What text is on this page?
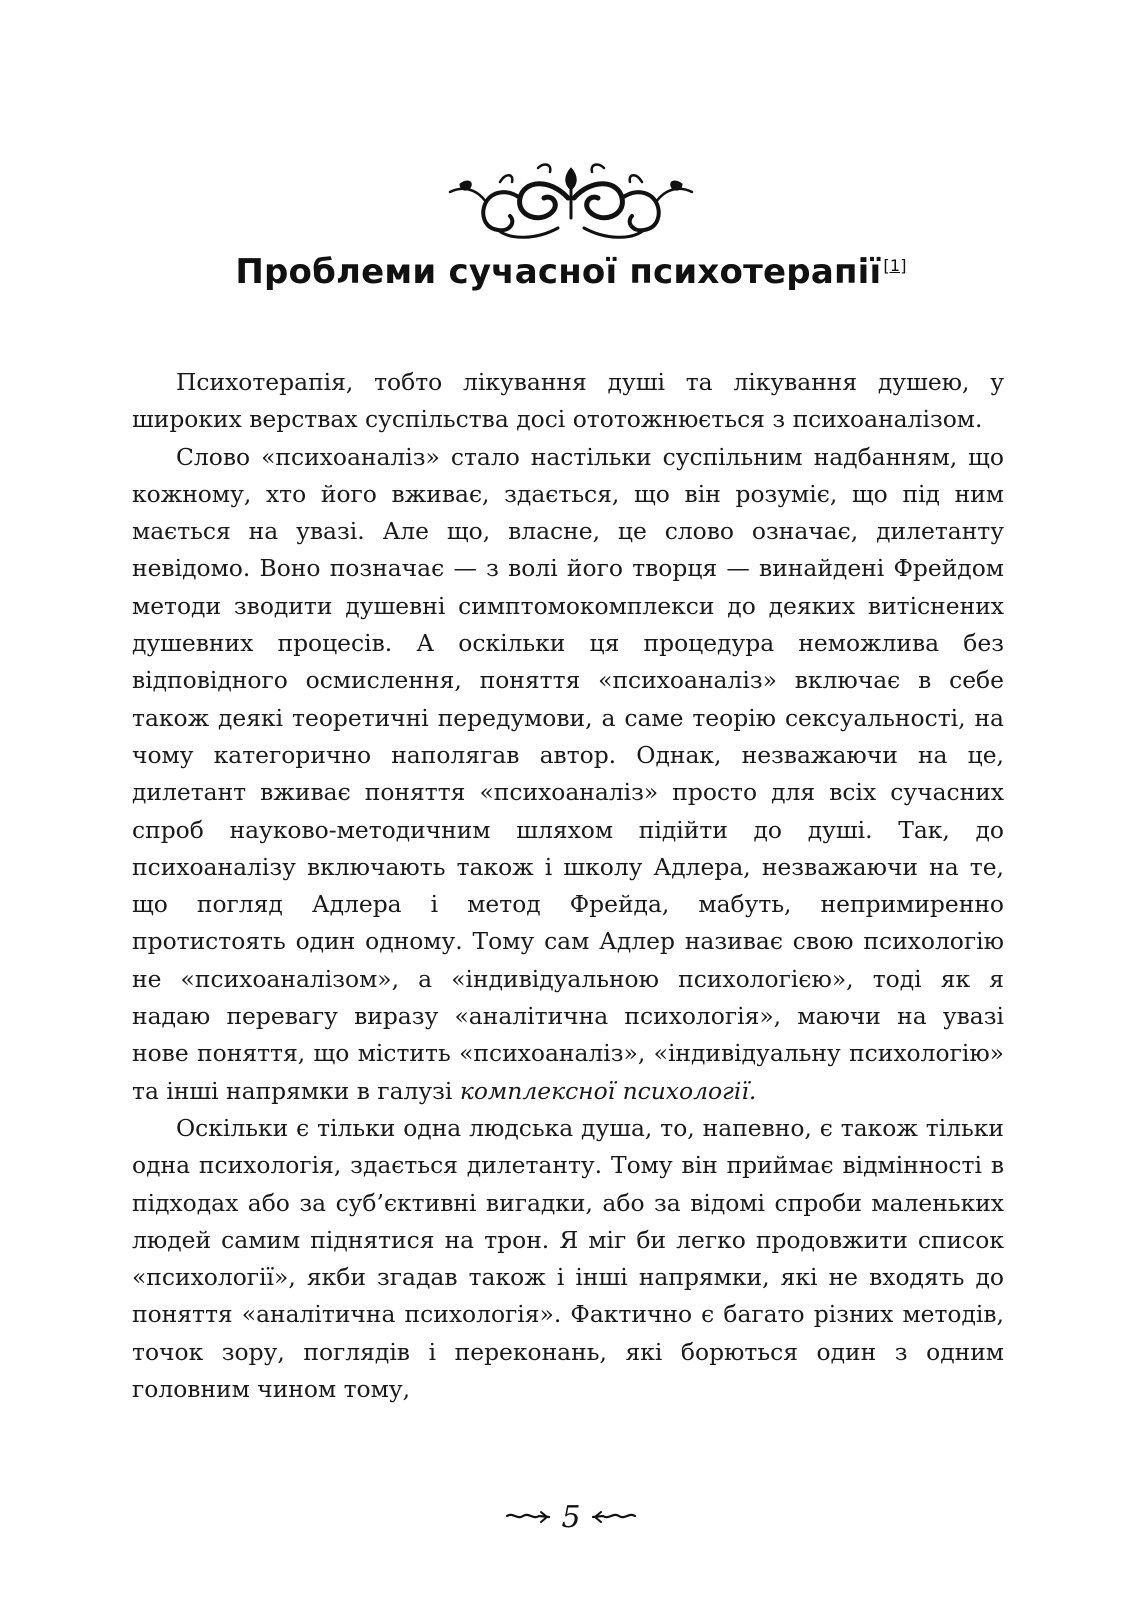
Проблеми сучасної психотерапії [1]

Психотерапія, тобто лікування душі та лікування душею, у широких верствах суспільства досі ототожнюється з психоаналізом.

Слово «психоаналіз» стало настільки суспільним надбанням, що кожному, хто його вживає, здається, що він розуміє, що під ним мається на увазі. Але що, власне, це слово означає, дилетанту невідомо. Воно позначає — з волі його творця — винайдені Фрейдом методи зводити душевні симптомокомплекси до деяких витіснених душевних процесів. А оскільки ця процедура неможлива без відповідного осмислення, поняття «психоаналіз» включає в себе також деякі теоретичні передумови, а саме теорію сексуальності, на чому категорично наполягав автор. Однак, незважаючи на це, дилетант вживає поняття «психоаналіз» просто для всіх сучасних спроб науково-методичним шляхом підійти до душі. Так, до психоаналізу включають також і школу Адлера, незважаючи на те, що погляд Адлера і метод Фрейда, мабуть, непримиренно протистоять один одному. Тому сам Адлер називає свою психологію не «психоаналізом», а «індивідуальною психологією», тоді як я надаю перевагу виразу «аналітична психологія», маючи на увазі нове поняття, що містить «психоаналіз», «індивідуальну психологію» та інші напрямки в галузі комплексної психології.

Оскільки є тільки одна людська душа, то, напевно, є також тільки одна психологія, здається дилетанту. Тому він приймає відмінності в підходах або за суб’єктивні вигадки, або за відомі спроби маленьких людей самим піднятися на трон. Я міг би легко продовжити список «психології», якби згадав також і інші напрямки, які не входять до поняття «аналітична психологія». Фактично є багато різних методів, точок зору, поглядів і переконань, які борються один з одним головним чином тому,

5
